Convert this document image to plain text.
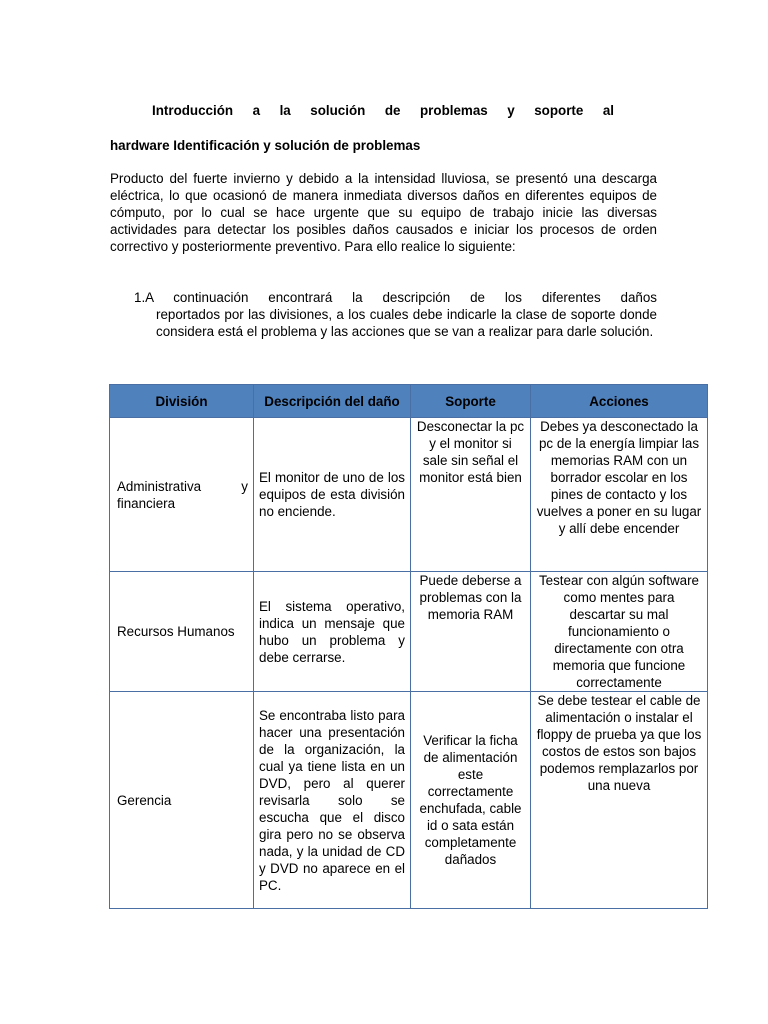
Introducción a la solución de problemas y soporte al
hardware Identificación y solución de problemas
Producto del fuerte invierno y debido a la intensidad lluviosa, se presentó una descarga eléctrica, lo que ocasionó de manera inmediata diversos daños en diferentes equipos de cómputo, por lo cual se hace urgente que su equipo de trabajo inicie las diversas actividades para detectar los posibles daños causados e iniciar los procesos de orden correctivo y posteriormente preventivo. Para ello realice lo siguiente:
1.A continuación encontrará la descripción de los diferentes daños
reportados por las divisiones, a los cuales debe indicarle la clase de soporte donde considera está el problema y las acciones que se van a realizar para darle solución.
División	Descripción del daño	Soporte	Acciones

Administrativa y financiera	El monitor de uno de los equipos de esta división no enciende.	Desconectar la pc y el monitor si sale sin señal el monitor está bien	Debes ya desconectado la pc de la energía limpiar las memorias RAM con un borrador escolar en los pines de contacto y los vuelves a poner en su lugar y allí debe encender
Recursos Humanos	El sistema operativo, indica un mensaje que hubo un problema y debe cerrarse.	Puede deberse a problemas con la memoria RAM	Testear con algún software como mentes para descartar su mal funcionamiento o directamente con otra memoria que funcione correctamente
Gerencia	Se encontraba listo para hacer una presentación de la organización, la cual ya tiene lista en un DVD, pero al querer revisarla solo se escucha que el disco gira pero no se observa nada, y la unidad de CD y DVD no aparece en el PC.	Verificar la ficha de alimentación este correctamente enchufada, cable id o sata están completamente dañados	Se debe testear el cable de alimentación o instalar el floppy de prueba ya que los costos de estos son bajos podemos remplazarlos por una nueva
